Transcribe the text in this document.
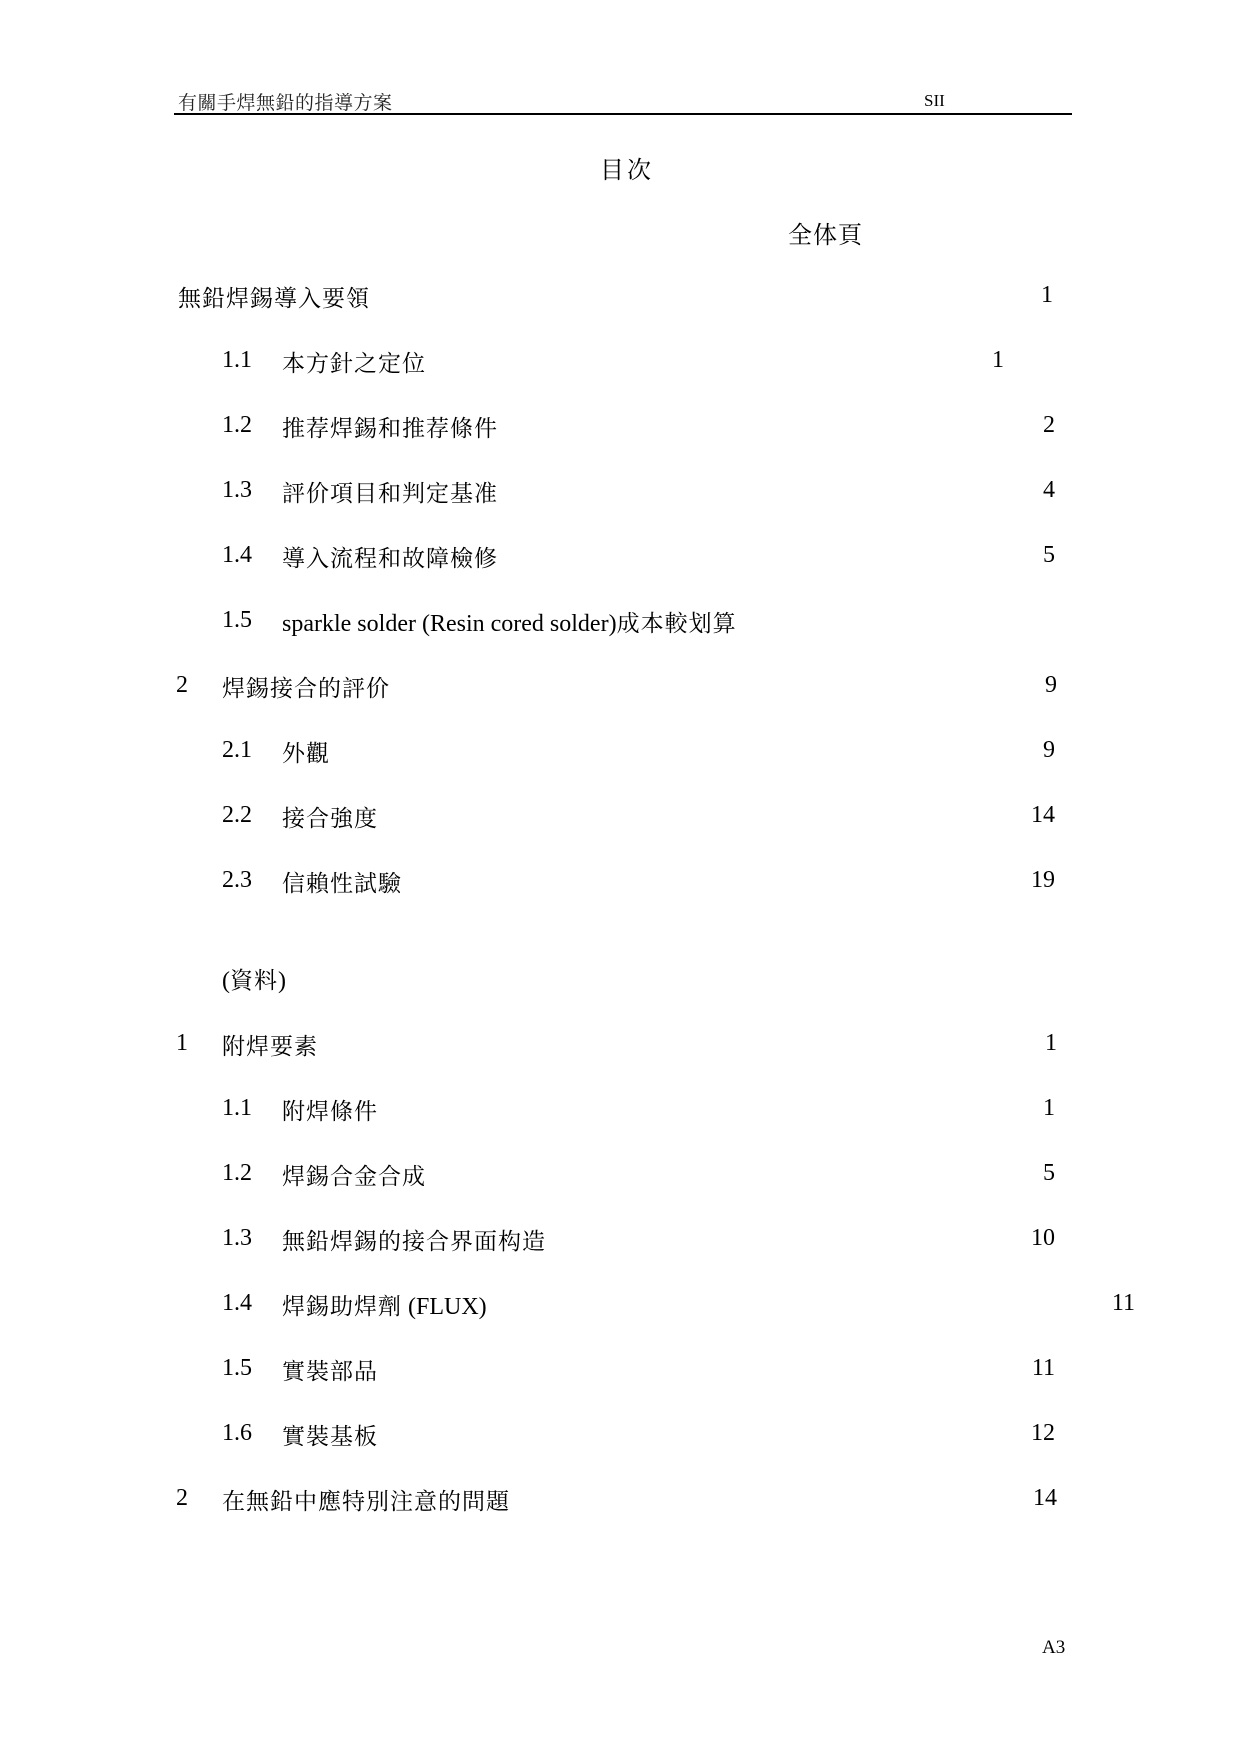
有關手焊無鉛的指導方案	SII
目次
全体頁
無鉛焊錫導入要領	1
1.1 本方針之定位	1
1.2 推荐焊錫和推荐條件	2
1.3 評价項目和判定基准	4
1.4 導入流程和故障檢修	5
1.5 sparkle solder (Resin cored solder)成本較划算
2 焊錫接合的評价	9
2.1 外觀	9
2.2 接合強度	14
2.3 信賴性試驗	19
(資料)
1 附焊要素	1
1.1 附焊條件	1
1.2 焊錫合金合成	5
1.3 無鉛焊錫的接合界面构造	10
1.4 焊錫助焊劑 (FLUX)	11
1.5 實裝部品	11
1.6 實裝基板	12
2 在無鉛中應特別注意的問題	14
A3
